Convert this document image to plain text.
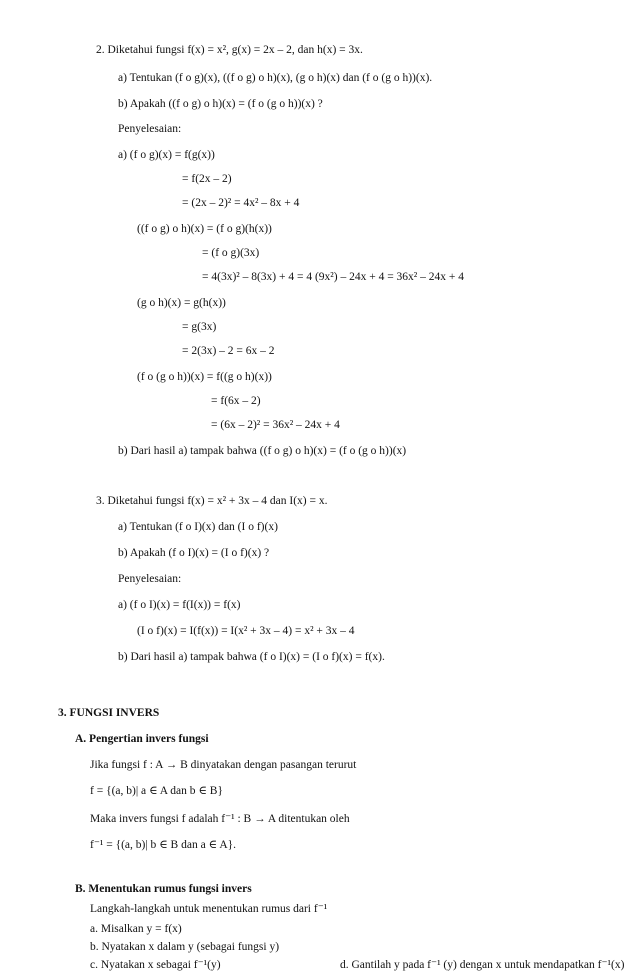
2. Diketahui fungsi f(x) = x², g(x) = 2x – 2, dan h(x) = 3x.
a) Tentukan (f o g)(x), ((f o g) o h)(x), (g o h)(x) dan (f o (g o h))(x).
b) Apakah ((f o g) o h)(x) = (f o (g o h))(x) ?
Penyelesaian:
a) (f o g)(x) = f(g(x))
= f(2x – 2)
= (2x – 2)² = 4x² – 8x + 4
((f o g) o h)(x) = (f o g)(h(x))
= (f o g)(3x)
= 4(3x)² – 8(3x) + 4 = 4 (9x²) – 24x + 4 = 36x² – 24x + 4
(g o h)(x) = g(h(x))
= g(3x)
= 2(3x) – 2 = 6x – 2
(f o (g o h))(x) = f((g o h)(x))
= f(6x – 2)
= (6x – 2)² = 36x² – 24x + 4
b) Dari hasil a) tampak bahwa ((f o g) o h)(x) = (f o (g o h))(x)
3. Diketahui fungsi f(x) = x² + 3x – 4 dan I(x) = x.
a) Tentukan (f o I)(x) dan (I o f)(x)
b) Apakah (f o I)(x) = (I o f)(x) ?
Penyelesaian:
a) (f o I)(x) = f(I(x)) = f(x)
(I o f)(x) = I(f(x)) = I(x² + 3x – 4) = x² + 3x – 4
b) Dari hasil a) tampak bahwa (f o I)(x) = (I o f)(x) = f(x).
3. FUNGSI INVERS
A. Pengertian invers fungsi
Jika fungsi f : A → B dinyatakan dengan pasangan terurut
f = {(a, b)| a ∈ A dan b ∈ B}
Maka invers fungsi f adalah f⁻¹ : B → A ditentukan oleh
f⁻¹ = {(a, b)| b ∈ B dan a ∈ A}.
B. Menentukan rumus fungsi invers
Langkah-langkah untuk menentukan rumus dari f⁻¹
a. Misalkan y = f(x)
b. Nyatakan x dalam y (sebagai fungsi y)
c. Nyatakan x sebagai f⁻¹(y)	d. Gantilah y pada f⁻¹ (y) dengan x untuk mendapatkan f⁻¹(x)
